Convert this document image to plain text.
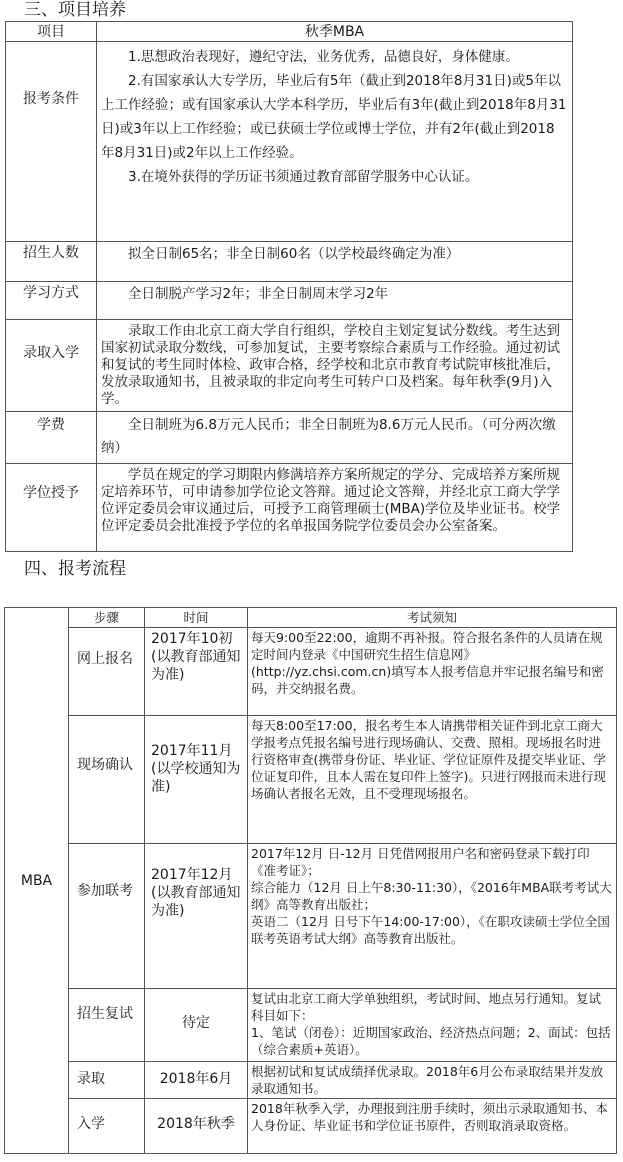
三、项目培养
项目	秋季MBA
报考条件	1.思想政治表现好，遵纪守法，业务优秀，品德良好，身体健康。

2.有国家承认大专学历，毕业后有5年（截止到2018年8月31日)或5年以上工作经验；或有国家承认大学本科学历，毕业后有3年(截止到2018年8月31日)或3年以上工作经验；或已获硕士学位或博士学位，并有2年(截止到2018年8月31日)或2年以上工作经验。

3.在境外获得的学历证书须通过教育部留学服务中心认证。

招生人数	拟全日制65名；非全日制60名（以学校最终确定为准）

学习方式	全日制脱产学习2年；非全日制周末学习2年

录取入学	录取工作由北京工商大学自行组织，学校自主划定复试分数线。考生达到国家初试录取分数线，可参加复试，主要考察综合素质与工作经验。通过初试和复试的考生同时体检、政审合格，经学校和北京市教育考试院审核批准后，发放录取通知书，且被录取的非定向考生可转户口及档案。每年秋季(9月)入学。

学费	全日制班为6.8万元人民币；非全日制班为8.6万元人民币。（可分两次缴纳）

学位授予	学员在规定的学习期限内修满培养方案所规定的学分、完成培养方案所规定培养环节，可申请参加学位论文答辩。通过论文答辩，并经北京工商大学学位评定委员会审议通过后，可授予工商管理硕士(MBA)学位及毕业证书。校学位评定委员会批准授予学位的名单报国务院学位委员会办公室备案。

四、报考流程
MBA	步骤	时间	考试须知
	网上报名	2017年10初(以教育部通知为准)	每天9:00至22:00，逾期不再补报。符合报名条件的人员请在规定时间内登录《中国研究生招生信息网》(http://yz.chsi.com.cn)填写本人报考信息并牢记报名编号和密码，并交纳报名费。

	现场确认	2017年11月(以学校通知为准)	每天8:00至17:00，报名考生本人请携带相关证件到北京工商大学报考点凭报名编号进行现场确认、交费、照相。现场报名时进行资格审查(携带身份证、毕业证、学位证原件及提交毕业证、学位证复印件，且本人需在复印件上签字)。只进行网报而未进行现场确认者报名无效，且不受理现场报名。

	参加联考	2017年12月(以教育部通知为准)	2017年12月 日-12月 日凭借网报用户名和密码登录下载打印《准考证》；

综合能力（12月 日上午8:30-11:30），《2016年MBA联考考试大纲》高等教育出版社；

英语二（12月 日号下午14:00-17:00），《在职攻读硕士学位全国联考英语考试大纲》高等教育出版社。

	招生复试	待定	复试由北京工商大学单独组织，考试时间、地点另行通知。复试科目如下：

1、笔试（闭卷）：近期国家政治、经济热点问题；2、面试：包括（综合素质+英语）。

	录取	2018年6月	根据初试和复试成绩择优录取。2018年6月公布录取结果并发放录取通知书。

	入学	2018年秋季	2018年秋季入学，办理报到注册手续时，须出示录取通知书、本人身份证、毕业证书和学位证书原件，否则取消录取资格。
